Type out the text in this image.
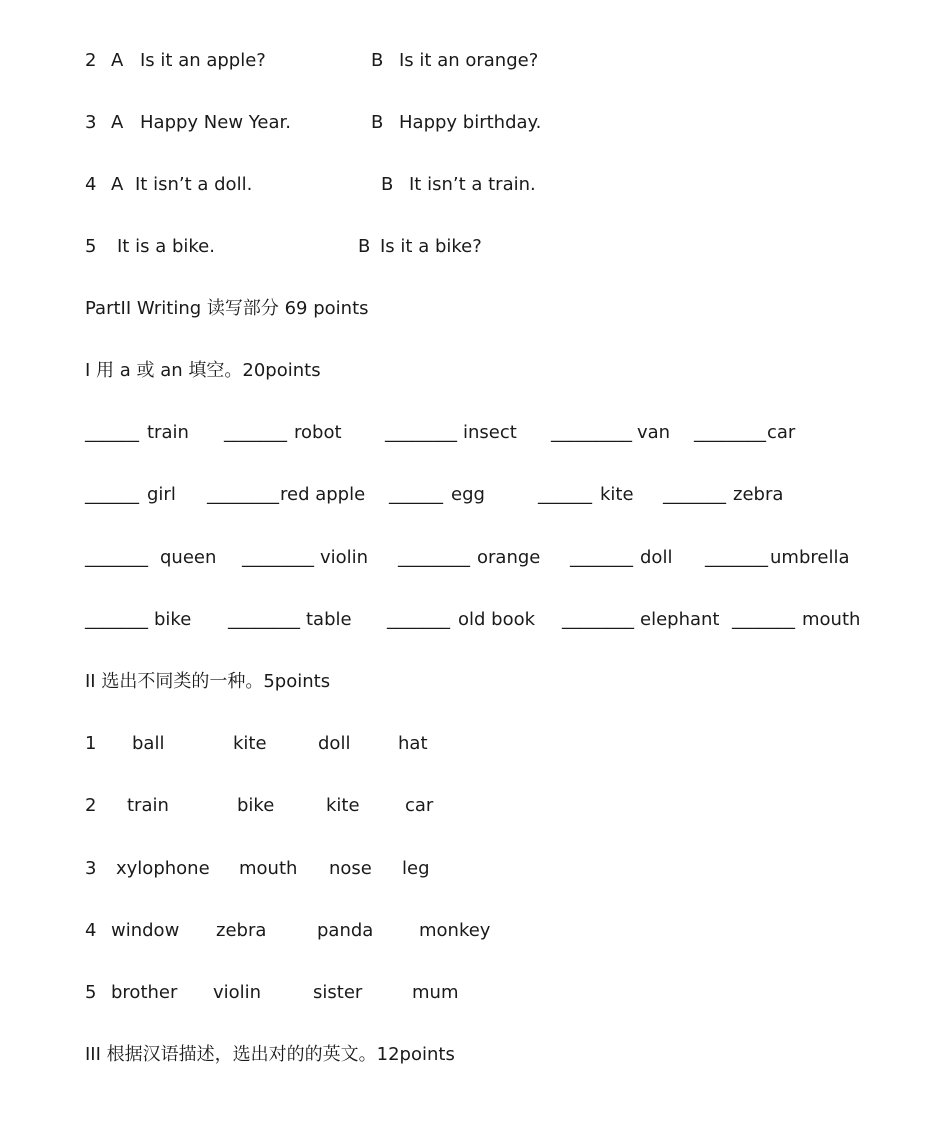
2 A Is it an apple?	B Is it an orange?
3 A Happy New Year.	B Happy birthday.
4 A It isn’t a doll.	B It isn’t a train.
5 It is a bike.	B Is it a bike?
PartII Writing 读写部分 69 points
I 用 a 或 an 填空。20points
______ train _______ robot ________ insect _________ van ________ car
______ girl ________ red apple ______ egg	______ kite _______ zebra
_______ queen ________ violin ________ orange _______ doll _______ umbrella
_______ bike ________ table _______ old book ________ elephant _______ mouth
II 选出不同类的一种。5points
1 ball	kite	doll	hat
2 train	bike	kite	car
3 xylophone mouth nose leg
4 window zebra	panda	monkey
5 brother violin	sister	mum
III 根据汉语描述，选出对的的英文。12points
